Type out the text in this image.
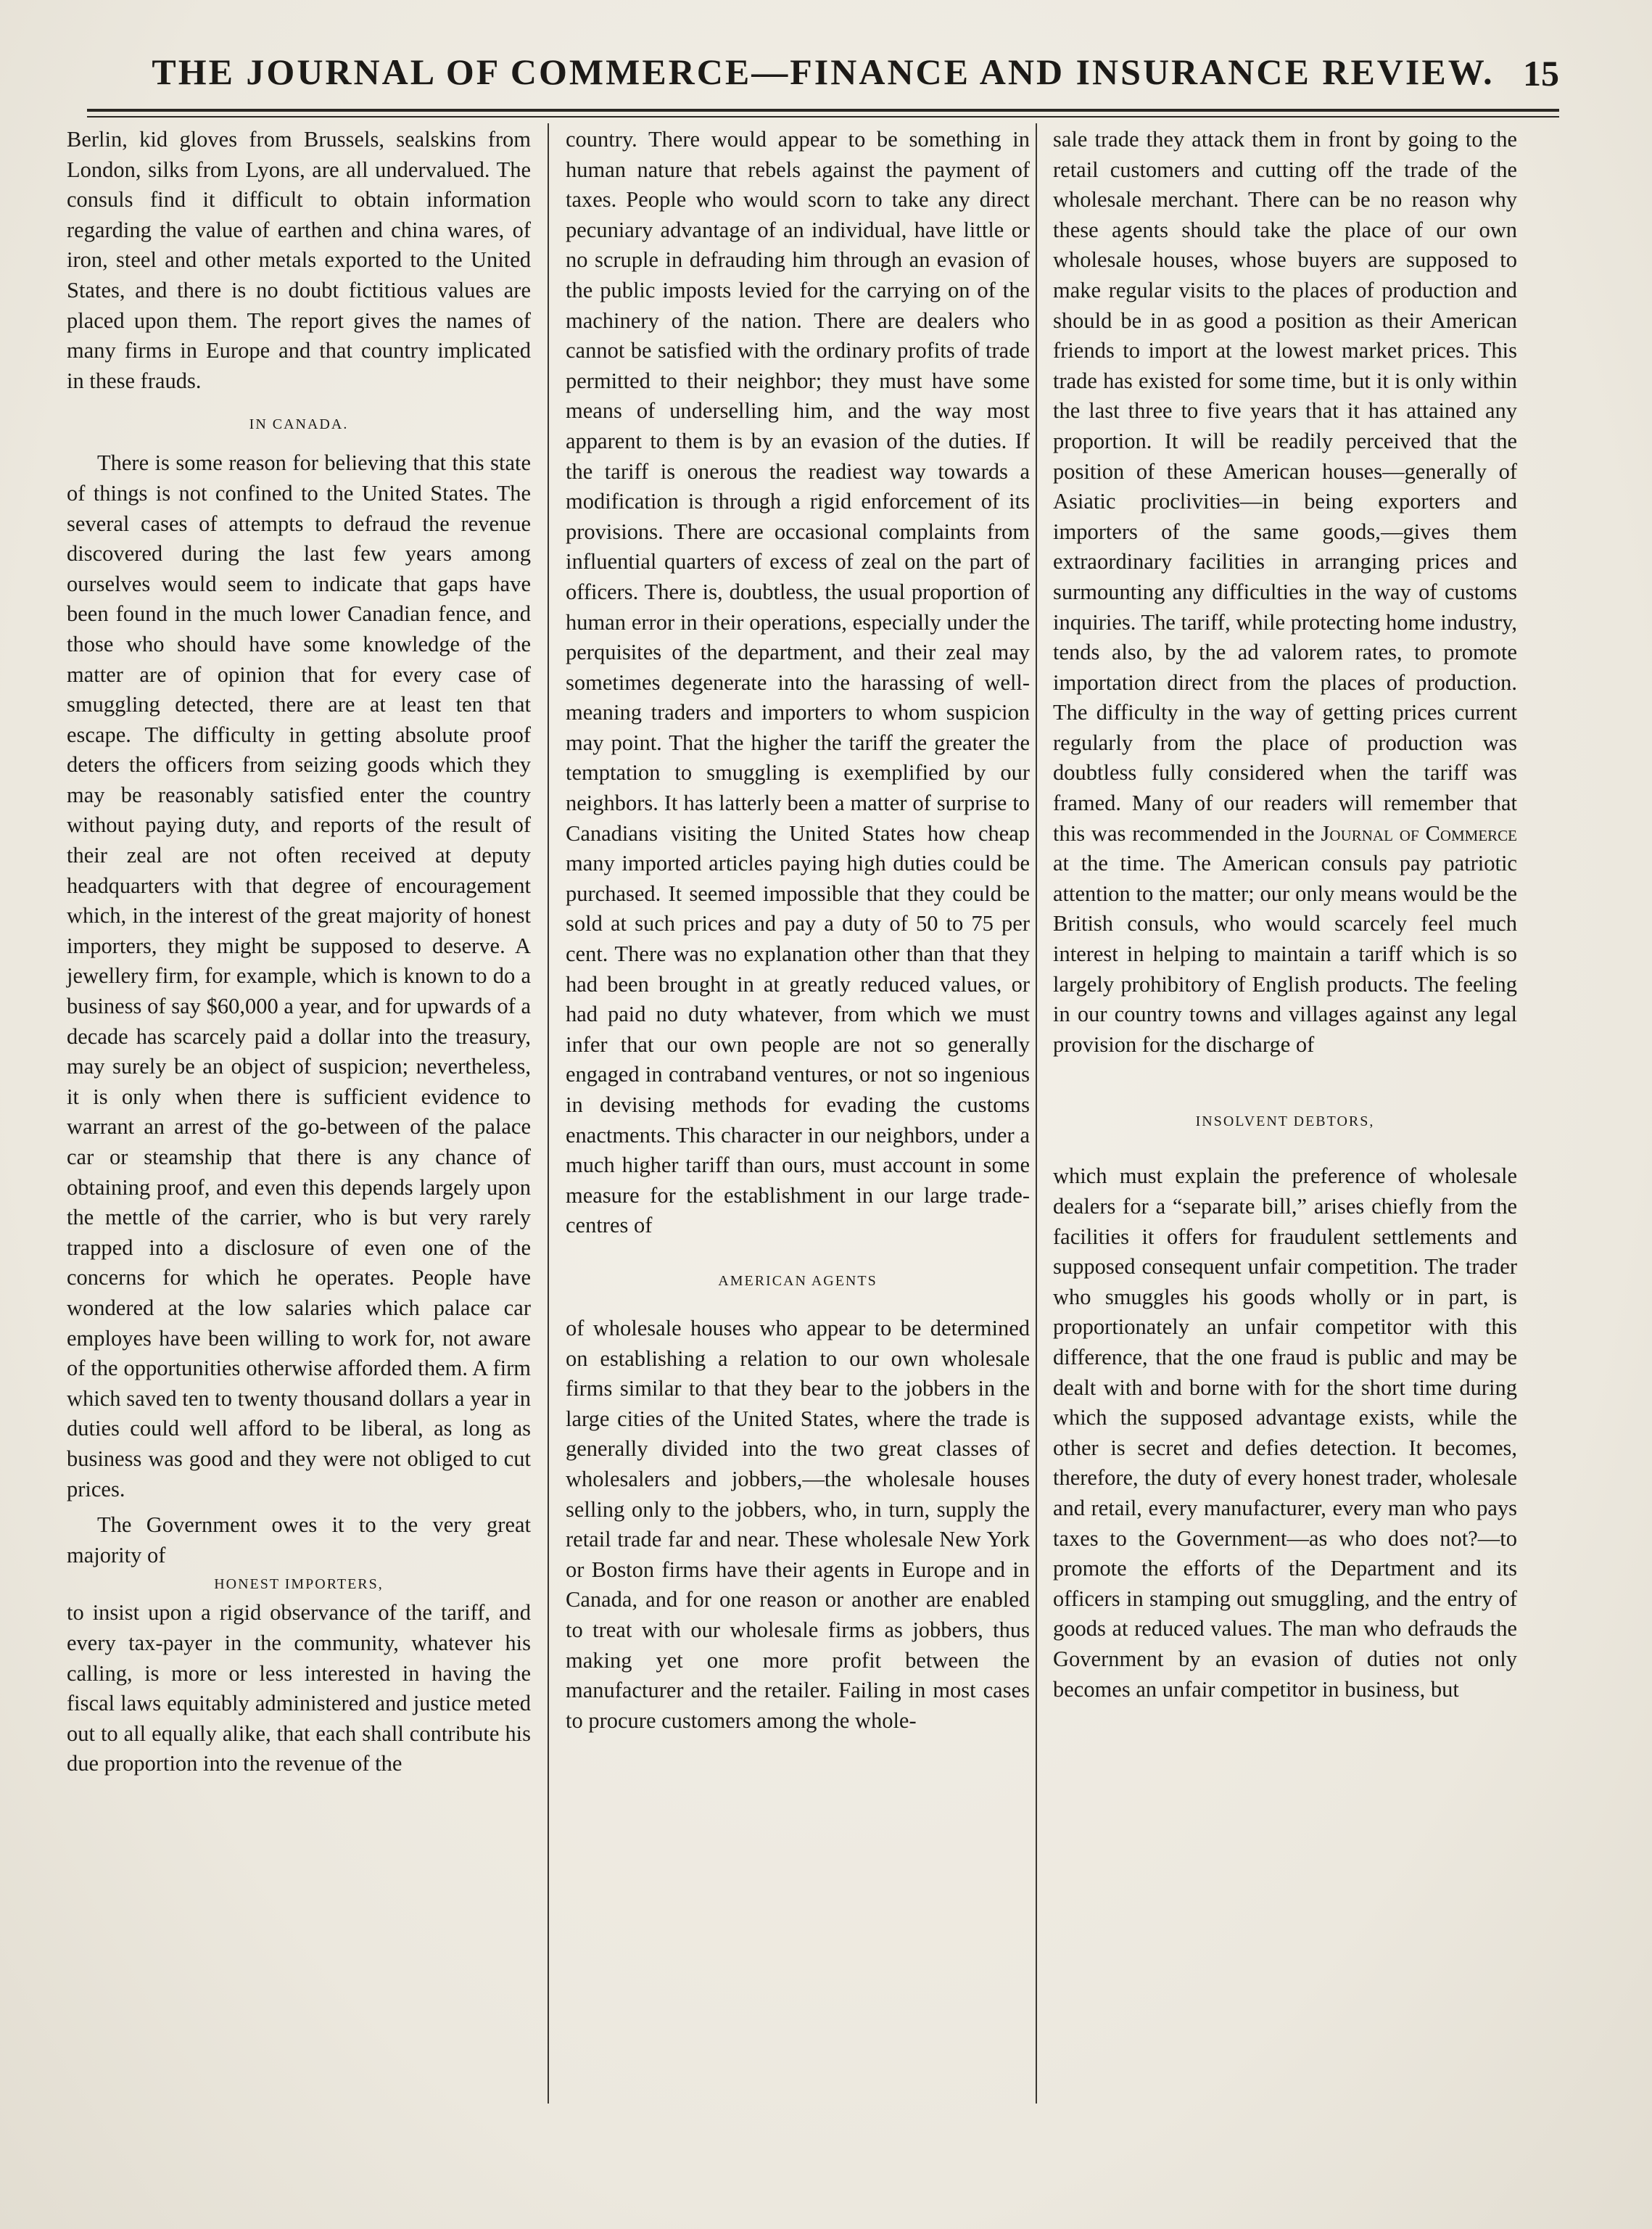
THE JOURNAL OF COMMERCE—FINANCE AND INSURANCE REVIEW. 15

Berlin, kid gloves from Brussels, sealskins from London, silks from Lyons, are all undervalued. The consuls find it difficult to obtain information regarding the value of earthen and china wares, of iron, steel and other metals exported to the United States, and there is no doubt fictitious values are placed upon them. The report gives the names of many firms in Europe and that country implicated in these frauds.

IN CANADA.

There is some reason for believing that this state of things is not confined to the United States. The several cases of attempts to defraud the revenue discovered during the last few years among ourselves would seem to indicate that gaps have been found in the much lower Canadian fence, and those who should have some knowledge of the matter are of opinion that for every case of smuggling detected, there are at least ten that escape. The difficulty in getting absolute proof deters the officers from seizing goods which they may be reasonably satisfied enter the country without paying duty, and reports of the result of their zeal are not often received at deputy headquarters with that degree of encouragement which, in the interest of the great majority of honest importers, they might be supposed to deserve. A jewellery firm, for example, which is known to do a business of say $60,000 a year, and for upwards of a decade has scarcely paid a dollar into the treasury, may surely be an object of suspicion; nevertheless, it is only when there is sufficient evidence to warrant an arrest of the go-between of the palace car or steamship that there is any chance of obtaining proof, and even this depends largely upon the mettle of the carrier, who is but very rarely trapped into a disclosure of even one of the concerns for which he operates. People have wondered at the low salaries which palace car employes have been willing to work for, not aware of the opportunities otherwise afforded them. A firm which saved ten to twenty thousand dollars a year in duties could well afford to be liberal, as long as business was good and they were not obliged to cut prices.

The Government owes it to the very great majority of

HONEST IMPORTERS,

to insist upon a rigid observance of the tariff, and every tax-payer in the community, whatever his calling, is more or less interested in having the fiscal laws equitably administered and justice meted out to all equally alike, that each shall contribute his due proportion into the revenue of the

country. There would appear to be something in human nature that rebels against the payment of taxes. People who would scorn to take any direct pecuniary advantage of an individual, have little or no scruple in defrauding him through an evasion of the public imposts levied for the carrying on of the machinery of the nation. There are dealers who cannot be satisfied with the ordinary profits of trade permitted to their neighbor; they must have some means of underselling him, and the way most apparent to them is by an evasion of the duties. If the tariff is onerous the readiest way towards a modification is through a rigid enforcement of its provisions. There are occasional complaints from influential quarters of excess of zeal on the part of officers. There is, doubtless, the usual proportion of human error in their operations, especially under the perquisites of the department, and their zeal may sometimes degenerate into the harassing of well-meaning traders and importers to whom suspicion may point. That the higher the tariff the greater the temptation to smuggling is exemplified by our neighbors. It has latterly been a matter of surprise to Canadians visiting the United States how cheap many imported articles paying high duties could be purchased. It seemed impossible that they could be sold at such prices and pay a duty of 50 to 75 per cent. There was no explanation other than that they had been brought in at greatly reduced values, or had paid no duty whatever, from which we must infer that our own people are not so generally engaged in contraband ventures, or not so ingenious in devising methods for evading the customs enactments. This character in our neighbors, under a much higher tariff than ours, must account in some measure for the establishment in our large trade-centres of

AMERICAN AGENTS

of wholesale houses who appear to be determined on establishing a relation to our own wholesale firms similar to that they bear to the jobbers in the large cities of the United States, where the trade is generally divided into the two great classes of wholesalers and jobbers,—the wholesale houses selling only to the jobbers, who, in turn, supply the retail trade far and near. These wholesale New York or Boston firms have their agents in Europe and in Canada, and for one reason or another are enabled to treat with our wholesale firms as jobbers, thus making yet one more profit between the manufacturer and the retailer. Failing in most cases to procure customers among the whole-

sale trade they attack them in front by going to the retail customers and cutting off the trade of the wholesale merchant. There can be no reason why these agents should take the place of our own wholesale houses, whose buyers are supposed to make regular visits to the places of production and should be in as good a position as their American friends to import at the lowest market prices. This trade has existed for some time, but it is only within the last three to five years that it has attained any proportion. It will be readily perceived that the position of these American houses—generally of Asiatic proclivities—in being exporters and importers of the same goods,—gives them extraordinary facilities in arranging prices and surmounting any difficulties in the way of customs inquiries. The tariff, while protecting home industry, tends also, by the ad valorem rates, to promote importation direct from the places of production. The difficulty in the way of getting prices current regularly from the place of production was doubtless fully considered when the tariff was framed. Many of our readers will remember that this was recommended in the Journal of Commerce at the time. The American consuls pay patriotic attention to the matter; our only means would be the British consuls, who would scarcely feel much interest in helping to maintain a tariff which is so largely prohibitory of English products. The feeling in our country towns and villages against any legal provision for the discharge of

INSOLVENT DEBTORS,

which must explain the preference of wholesale dealers for a “separate bill,” arises chiefly from the facilities it offers for fraudulent settlements and supposed consequent unfair competition. The trader who smuggles his goods wholly or in part, is proportionately an unfair competitor with this difference, that the one fraud is public and may be dealt with and borne with for the short time during which the supposed advantage exists, while the other is secret and defies detection. It becomes, therefore, the duty of every honest trader, wholesale and retail, every manufacturer, every man who pays taxes to the Government—as who does not?—to promote the efforts of the Department and its officers in stamping out smuggling, and the entry of goods at reduced values. The man who defrauds the Government by an evasion of duties not only becomes an unfair competitor in business, but
